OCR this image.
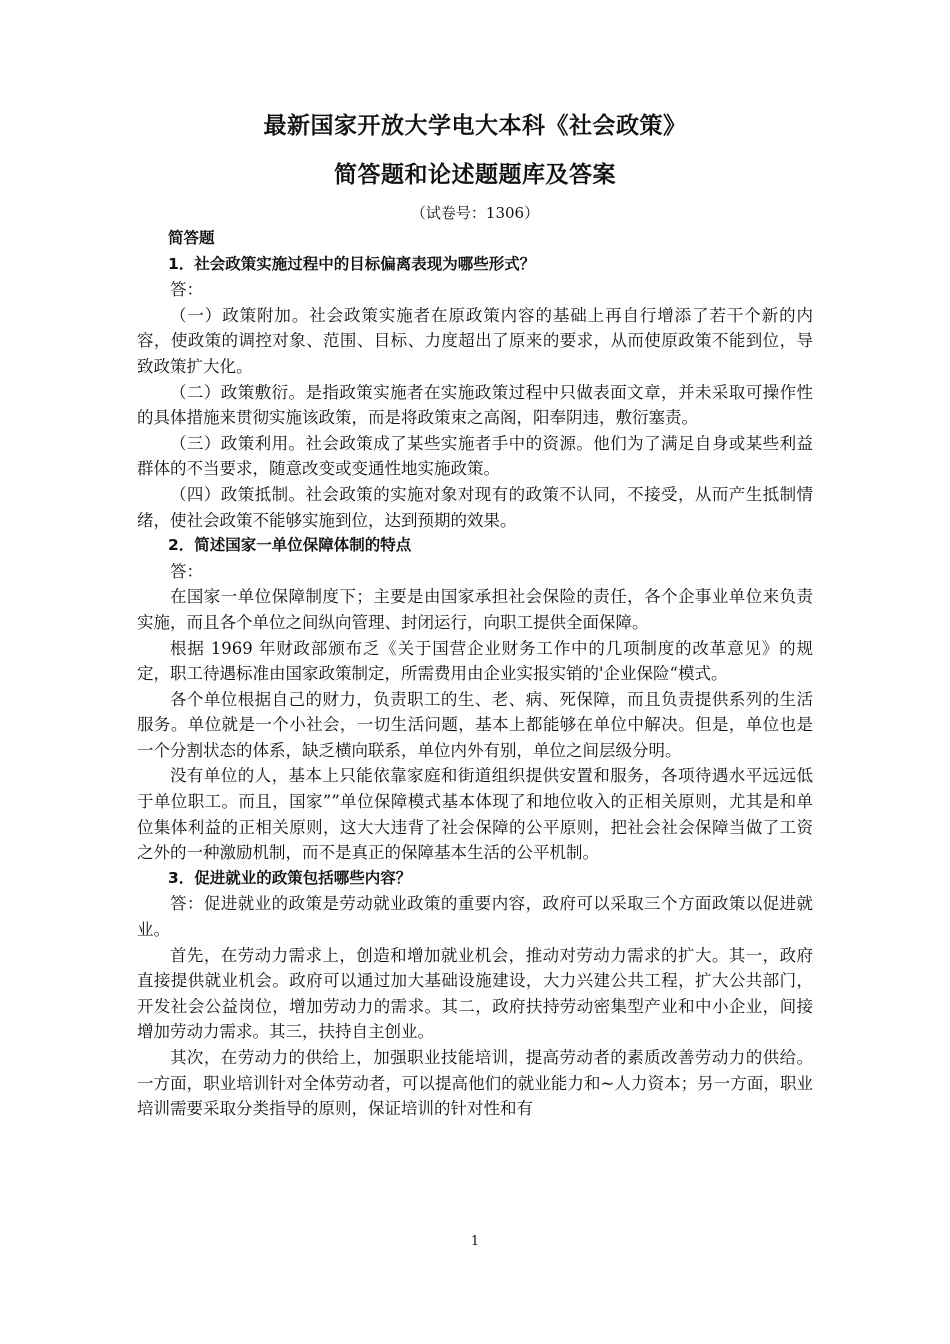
最新国家开放大学电大本科《社会政策》
简答题和论述题题库及答案

（试卷号：1306）

简答题

1．社会政策实施过程中的目标偏离表现为哪些形式？

答：

（一）政策附加。社会政策实施者在原政策内容的基础上再自行增添了若干个新的内容，使政策的调控对象、范围、目标、力度超出了原来的要求，从而使原政策不能到位，导致政策扩大化。

（二）政策敷衍。是指政策实施者在实施政策过程中只做表面文章，并未采取可操作性的具体措施来贯彻实施该政策，而是将政策束之高阁，阳奉阴违，敷衍塞责。

（三）政策利用。社会政策成了某些实施者手中的资源。他们为了满足自身或某些利益群体的不当要求，随意改变或变通性地实施政策。

（四）政策抵制。社会政策的实施对象对现有的政策不认同，不接受，从而产生抵制情绪，使社会政策不能够实施到位，达到预期的效果。

2．简述国家一单位保障体制的特点

答：

在国家一单位保障制度下；主要是由国家承担社会保险的责任，各个企事业单位来负责实施，而且各个单位之间纵向管理、封闭运行，向职工提供全面保障。

根据 1969 年财政部颁布乏《关于国营企业财务工作中的几项制度的改革意见》的规定，职工待遇标准由国家政策制定，所需费用由企业实报实销的'企业保险“模式。

各个单位根据自己的财力，负责职工的生、老、病、死保障，而且负责提供系列的生活服务。单位就是一个小社会，一切生活问题，基本上都能够在单位中解决。但是，单位也是一个分割状态的体系，缺乏横向联系，单位内外有别，单位之间层级分明。

没有单位的人，基本上只能依靠家庭和街道组织提供安置和服务，各项待遇水平远远低于单位职工。而且，国家””单位保障模式基本体现了和地位收入的正相关原则，尤其是和单位集体利益的正相关原则，这大大违背了社会保障的公平原则，把社会社会保障当做了工资之外的一种激励机制，而不是真正的保障基本生活的公平机制。

3．促进就业的政策包括哪些内容？

答：促进就业的政策是劳动就业政策的重要内容，政府可以采取三个方面政策以促进就业。

首先，在劳动力需求上，创造和增加就业机会，推动对劳动力需求的扩大。其一，政府直接提供就业机会。政府可以通过加大基础设施建设，大力兴建公共工程，扩大公共部门，开发社会公益岗位，增加劳动力的需求。其二，政府扶持劳动密集型产业和中小企业，间接增加劳动力需求。其三，扶持自主创业。

其次，在劳动力的供给上，加强职业技能培训，提高劳动者的素质改善劳动力的供给。一方面，职业培训针对全体劳动者，可以提高他们的就业能力和~人力资本；另一方面，职业培训需要采取分类指导的原则，保证培训的针对性和有

1
